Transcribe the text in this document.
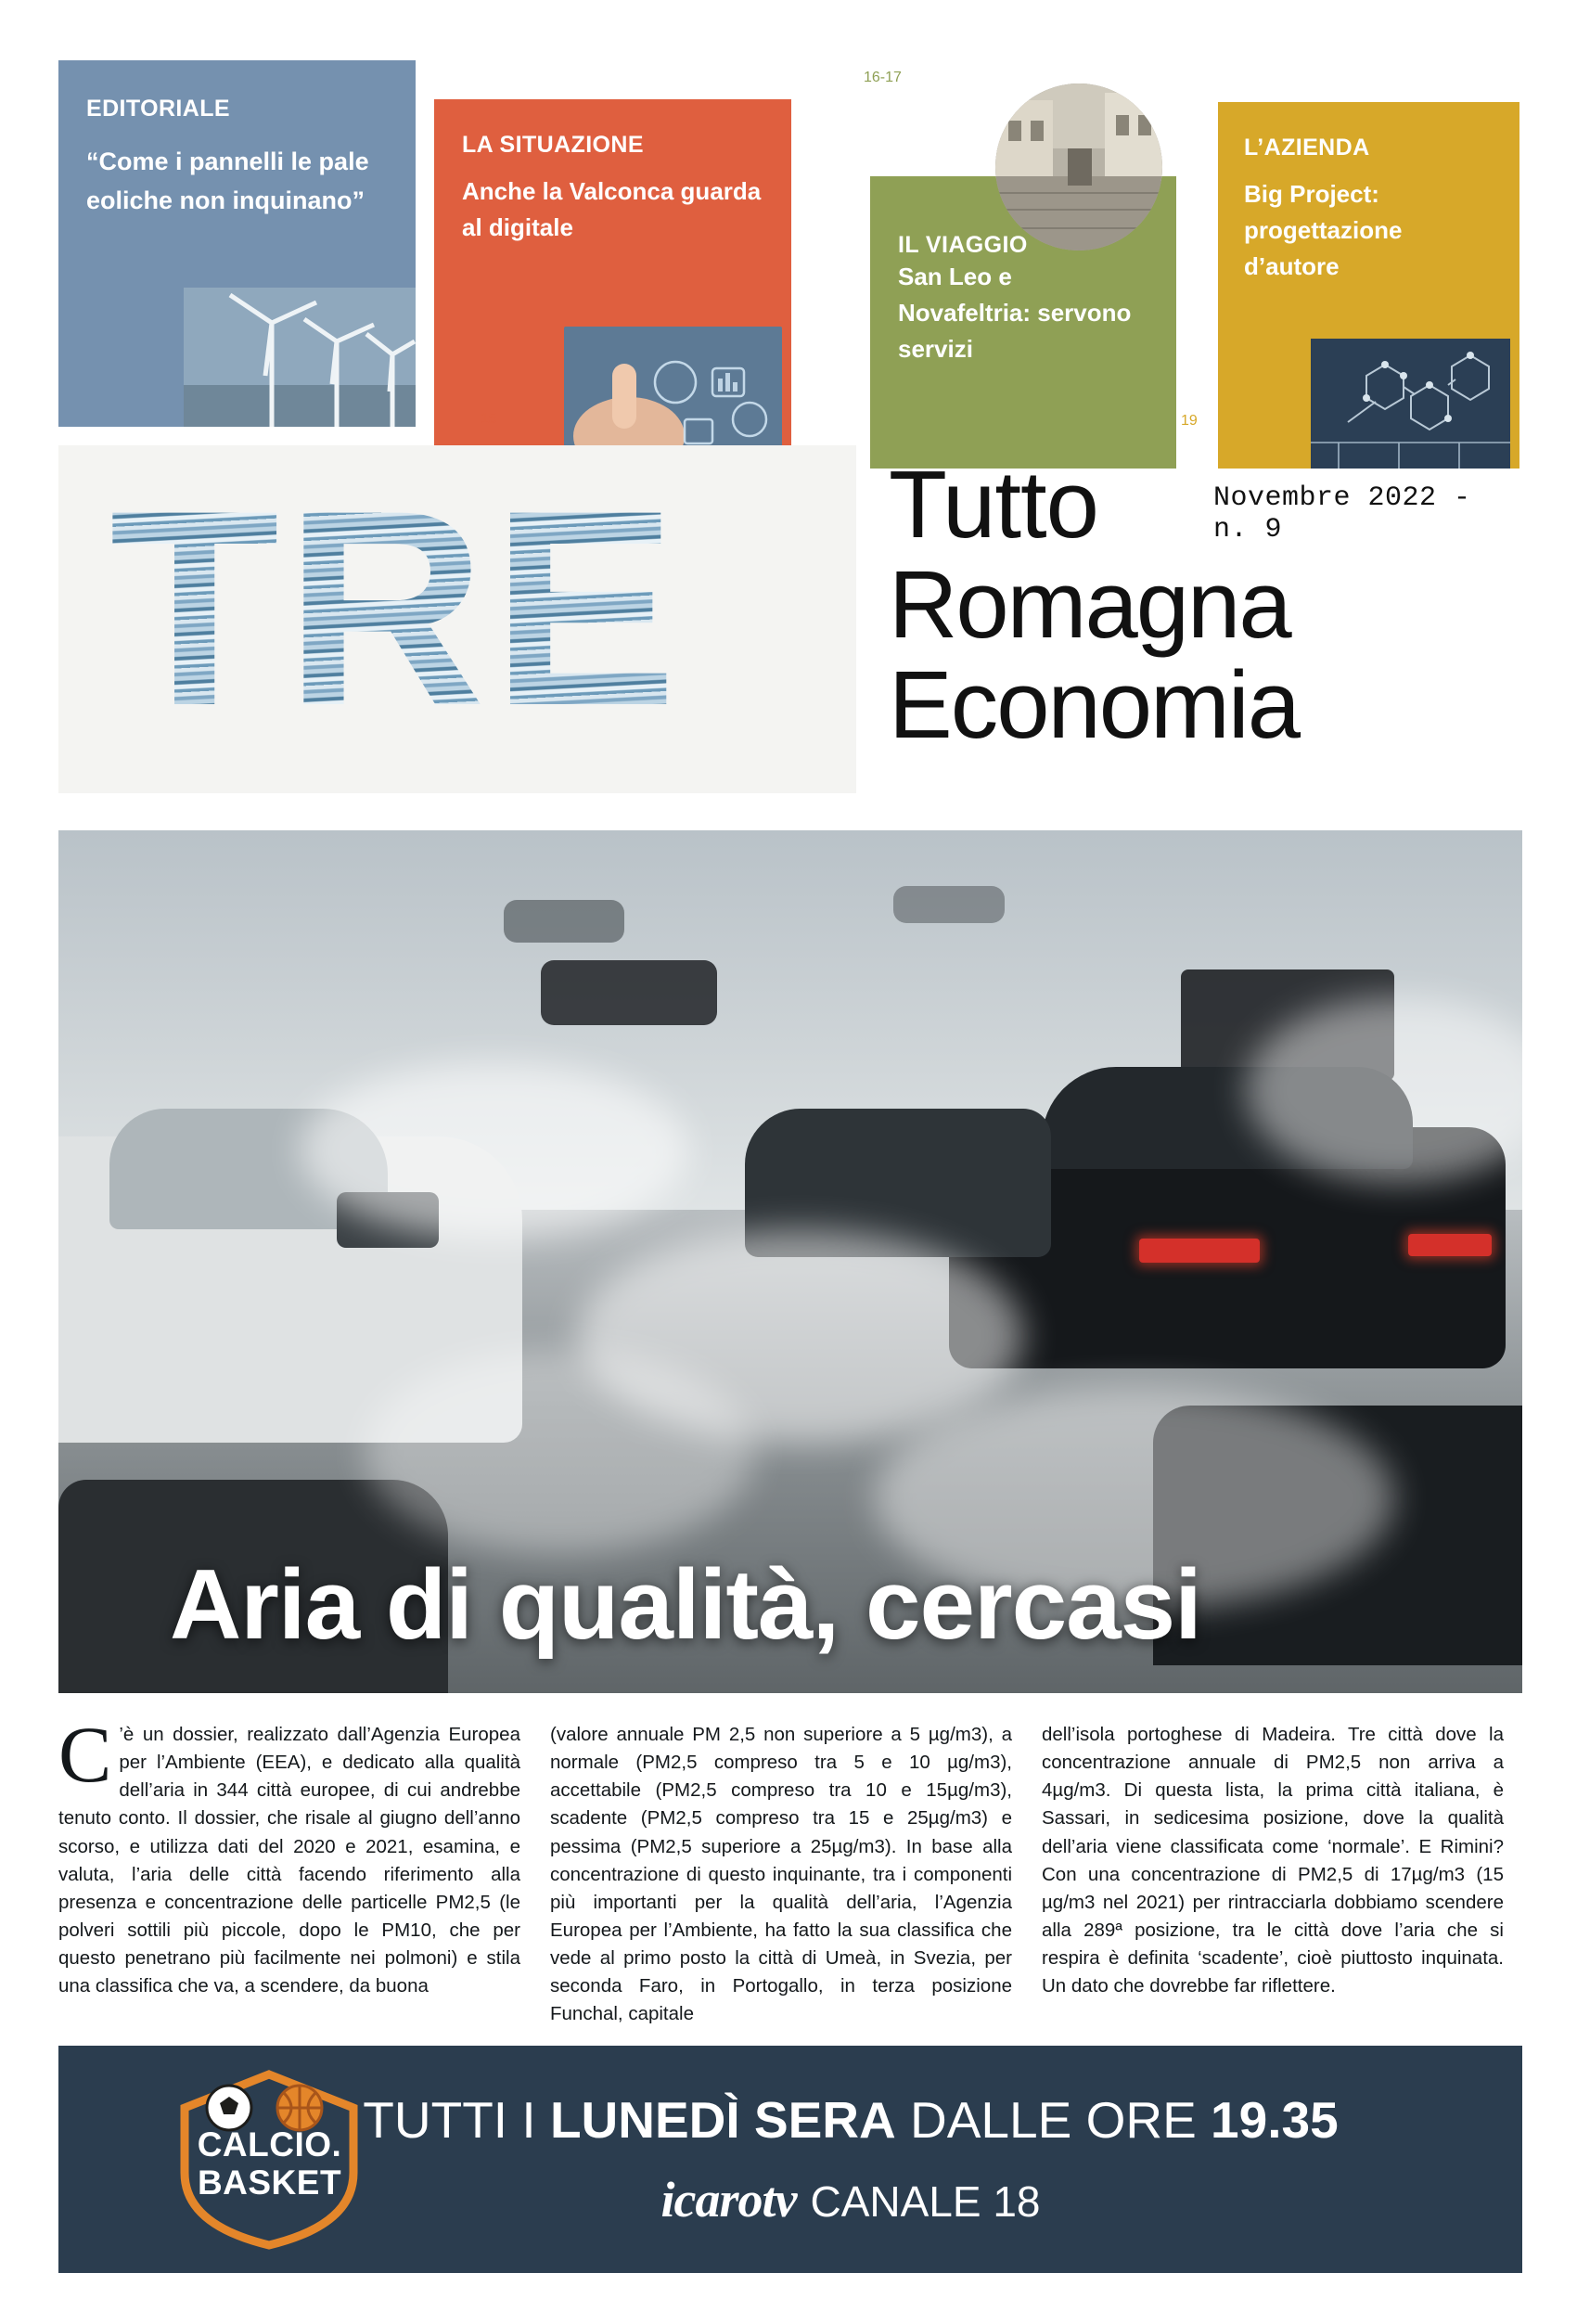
EDITORIALE
“Come i pannelli le pale eoliche non inquinano”
14
LA SITUAZIONE
Anche la Valconca guarda al digitale
15
IL VIAGGIO
San Leo e Novafeltria: servono servizi
16-17
L’AZIENDA
Big Project: progettazione d’autore
19
TRE Tutto
Romagna
Economia
Novembre 2022 - n. 9
Aria di qualità, cercasi

C ’è un dossier, realizzato dall’Agenzia Europea per l’Ambiente (EEA), e dedicato alla qualità dell’aria in 344 città europee, di cui andrebbe tenuto conto. Il dossier, che risale al giugno dell’anno scorso, e utilizza dati del 2020 e 2021, esamina, e valuta, l’aria delle città facendo riferimento alla presenza e concentrazione delle particelle PM2,5 (le polveri sottili più piccole, dopo le PM10, che per questo penetrano più facilmente nei polmoni) e stila una classifica che va, a scendere, da buona

(valore annuale PM 2,5 non superiore a 5 µg/m3), a normale (PM2,5 compreso tra 5 e 10 µg/m3), accettabile (PM2,5 compreso tra 10 e 15µg/m3), scadente (PM2,5 compreso tra 15 e 25µg/m3) e pessima (PM2,5 superiore a 25µg/m3). In base alla concentrazione di questo inquinante, tra i componenti più importanti per la qualità dell’aria, l’Agenzia Europea per l’Ambiente, ha fatto la sua classifica che vede al primo posto la città di Umeà, in Svezia, per seconda Faro, in Portogallo, in terza posizione Funchal, capitale

dell’isola portoghese di Madeira. Tre città dove la concentrazione annuale di PM2,5 non arriva a 4µg/m3. Di questa lista, la prima città italiana, è Sassari, in sedicesima posizione, dove la qualità dell’aria viene classificata come ‘normale’. E Rimini? Con una concentrazione di PM2,5 di 17µg/m3 (15 µg/m3 nel 2021) per rintracciarla dobbiamo scendere alla 289ª posizione, tra le città dove l’aria che si respira è definita ‘scadente’, cioè piuttosto inquinata. Un dato che dovrebbe far riflettere.

CALCIO.
BASKET
TUTTI I LUNEDÌ SERA DALLE ORE 19.35
icarotv CANALE 18
